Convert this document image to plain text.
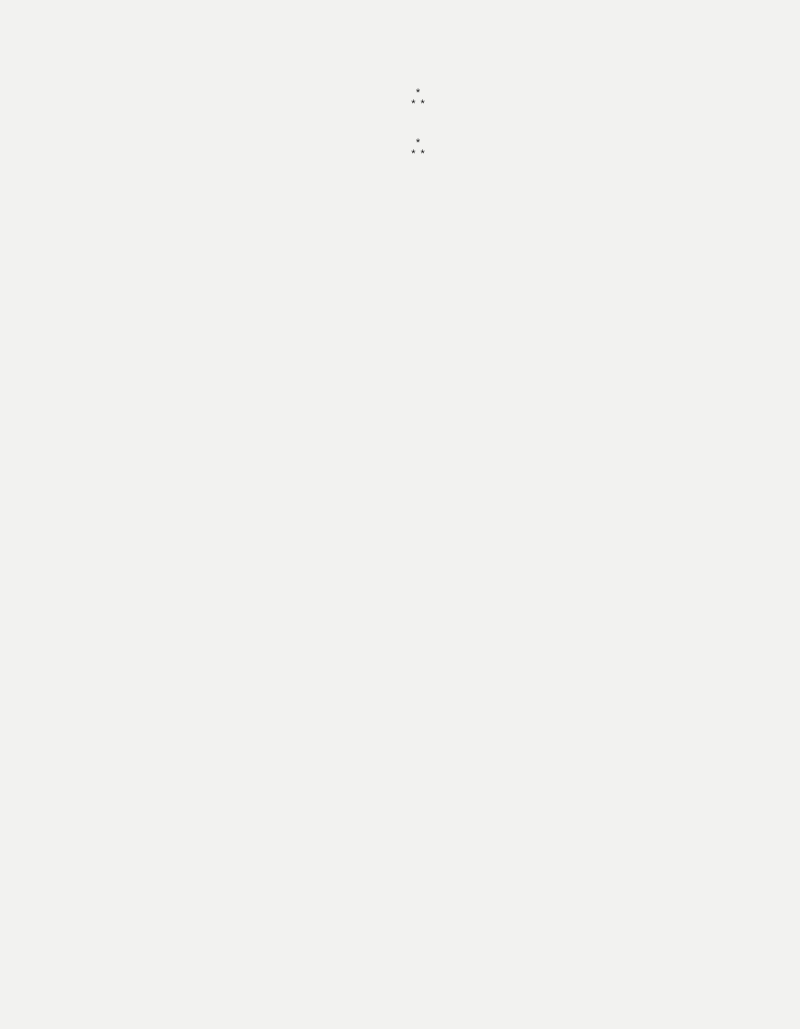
*
* *

*
* *
